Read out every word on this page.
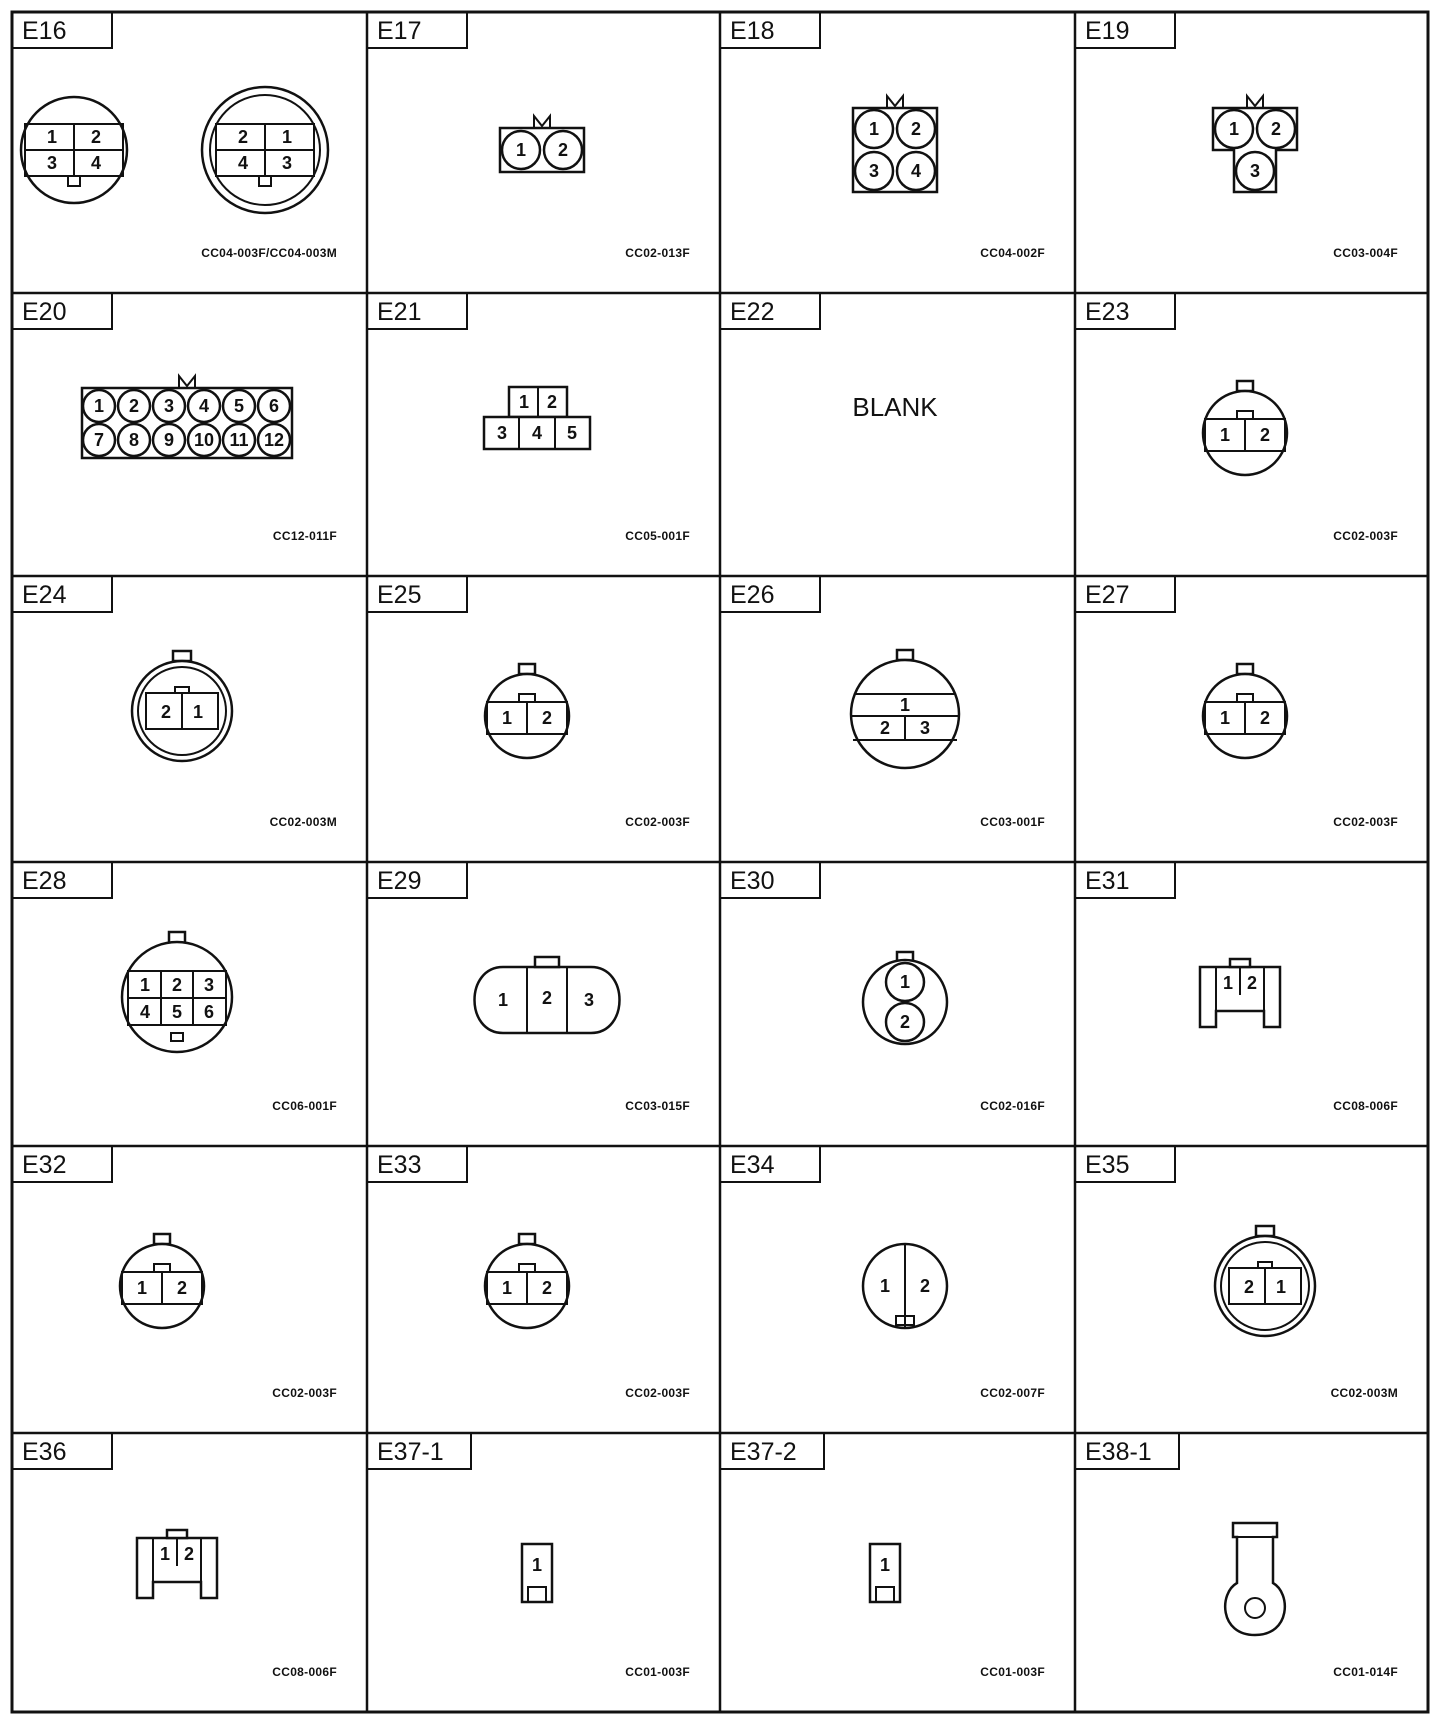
E16
1 2
3 4
2 1
4 3
CC04-003F/CC04-003M
E17
1 2
CC02-013F
E18
1 2
3 4
CC04-002F
E19
1 2
3
CC03-004F
E20
1
7
2
8
3
9
4
10
5
11
6
12
CC12-011F
E21
1 2
3 4 5
CC05-001F
E22
BLANK
E23
1 2
CC02-003F
E24
2 1
CC02-003M
E25
1 2
CC02-003F
E26
1
2 3
CC03-001F
E27
1 2
CC02-003F
E28
1 2 3
4 5 6
CC06-001F
E29
1 2 3
CC03-015F
E30
1
2
CC02-016F
E31
1 2
CC08-006F
E32
1 2
CC02-003F
E33
1 2
CC02-003F
E34
1 2
CC02-007F
E35
2 1
CC02-003M
E36
1 2
CC08-006F
E37-1
1
CC01-003F
E37-2
1
CC01-003F
E38-1
CC01-014F
